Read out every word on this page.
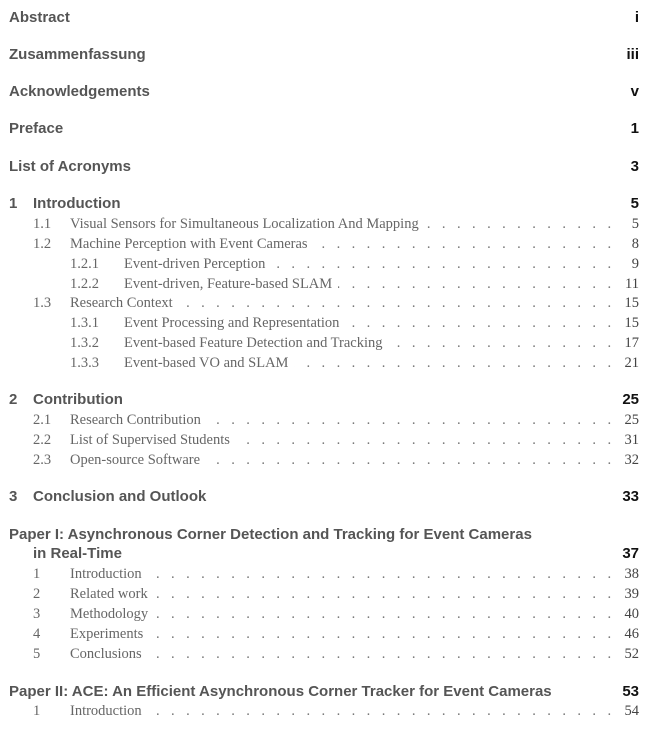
Abstract	i
Zusammenfassung	iii
Acknowledgements	v
Preface	1
List of Acronyms	3
1	Introduction	5
1.1	Visual Sensors for Simultaneous Localization And Mapping . . .	5
1.2	Machine Perception with Event Cameras . . .	8
1.2.1	Event-driven Perception . . .	9
1.2.2	Event-driven, Feature-based SLAM . . .	11
1.3	Research Context . . .	15
1.3.1	Event Processing and Representation . . .	15
1.3.2	Event-based Feature Detection and Tracking . . .	17
1.3.3	Event-based VO and SLAM . . .	21
2	Contribution	25
2.1	Research Contribution . . .	25
2.2	List of Supervised Students . . .	31
2.3	Open-source Software . . .	32
3	Conclusion and Outlook	33
Paper I: Asynchronous Corner Detection and Tracking for Event Cameras
in Real-Time	37
1	Introduction . . .	38
2	Related work . . .	39
3	Methodology . . .	40
4	Experiments . . .	46
5	Conclusions . . .	52
Paper II: ACE: An Efficient Asynchronous Corner Tracker for Event Cameras	53
1	Introduction . . .	54
